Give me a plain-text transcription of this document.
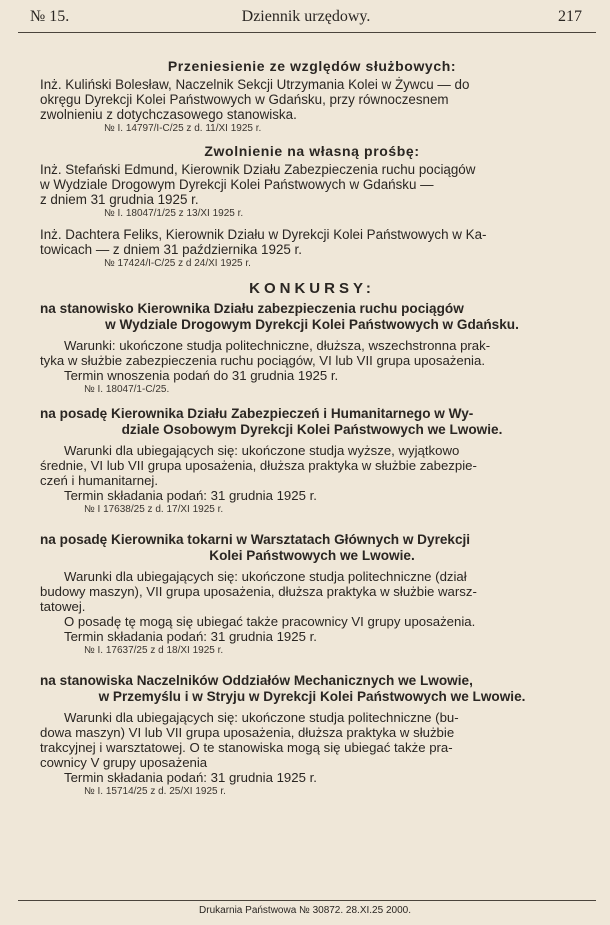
№ 15.	Dziennik urzędowy.	217
Przeniesienie ze względów służbowych:
Inż. Kuliński Bolesław, Naczelnik Sekcji Utrzymania Kolei w Żywcu — do
okręgu Dyrekcji Kolei Państwowych w Gdańsku, przy równoczesnem
zwolnieniu z dotychczasowego stanowiska.
№ I. 14797/I-C/25 z d. 11/XI 1925 r.
Zwolnienie na własną prośbę:
Inż. Stefański Edmund, Kierownik Działu Zabezpieczenia ruchu pociągów
w Wydziale Drogowym Dyrekcji Kolei Państwowych w Gdańsku —
z dniem 31 grudnia 1925 r.
№ I. 18047/1/25 z 13/XI 1925 r.
Inż. Dachtera Feliks, Kierownik Działu w Dyrekcji Kolei Państwowych w Ka-
towicach — z dniem 31 października 1925 r.
№ 17424/I-C/25 z d 24/XI 1925 r.
KONKURSY:
na stanowisko Kierownika Działu zabezpieczenia ruchu pociągów
w Wydziale Drogowym Dyrekcji Kolei Państwowych w Gdańsku.
Warunki: ukończone studja politechniczne, dłuższa, wszechstronna prak-
tyka w służbie zabezpieczenia ruchu pociągów, VI lub VII grupa uposażenia.
Termin wnoszenia podań do 31 grudnia 1925 r.
№ I. 18047/1-C/25.
na posadę Kierownika Działu Zabezpieczeń i Humanitarnego w Wy-
dziale Osobowym Dyrekcji Kolei Państwowych we Lwowie.
Warunki dla ubiegających się: ukończone studja wyższe, wyjątkowo
średnie, VI lub VII grupa uposażenia, dłuższa praktyka w służbie zabezpie-
czeń i humanitarnej.
Termin składania podań: 31 grudnia 1925 r.
№ I 17638/25 z d. 17/XI 1925 r.
na posadę Kierownika tokarni w Warsztatach Głównych w Dyrekcji
Kolei Państwowych we Lwowie.
Warunki dla ubiegających się: ukończone studja politechniczne (dział
budowy maszyn), VII grupa uposażenia, dłuższa praktyka w służbie warsz-
tatowej.
O posadę tę mogą się ubiegać także pracownicy VI grupy uposażenia.
Termin składania podań: 31 grudnia 1925 r.
№ I. 17637/25 z d 18/XI 1925 r.
na stanowiska Naczelników Oddziałów Mechanicznych we Lwowie,
w Przemyślu i w Stryju w Dyrekcji Kolei Państwowych we Lwowie.
Warunki dla ubiegających się: ukończone studja politechniczne (bu-
dowa maszyn) VI lub VII grupa uposażenia, dłuższa praktyka w służbie
trakcyjnej i warsztatowej. O te stanowiska mogą się ubiegać także pra-
cownicy V grupy uposażenia
Termin składania podań: 31 grudnia 1925 r.
№ I. 15714/25 z d. 25/XI 1925 r.
Drukarnia Państwowa № 30872. 28.XI.25 2000.
